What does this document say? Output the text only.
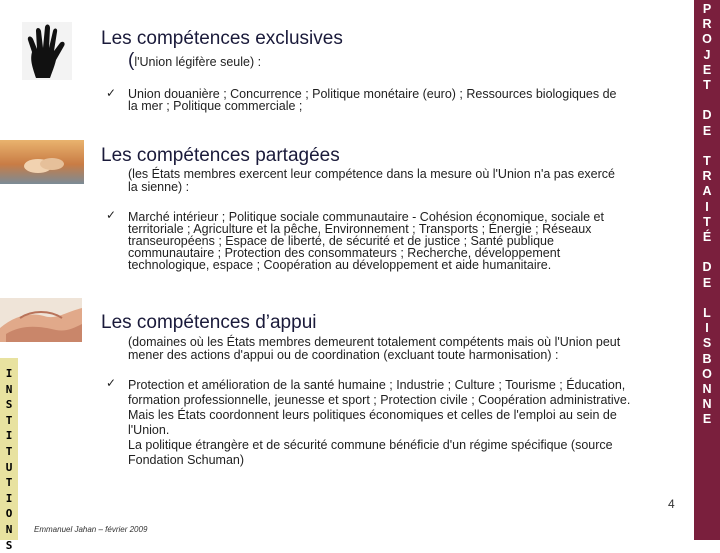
P
R
O
J
E
T

D
E

T
R
A
I
T
É

D
E

L
I
S
B
O
N
N
E
I
N
S
T
I
T
U
T
I
O
N
S
Les compétences exclusives
(l'Union légifère seule) :
✓ Union douanière ; Concurrence ; Politique monétaire (euro) ; Ressources biologiques de
la mer ; Politique commerciale ;
Les compétences partagées
(les États membres exercent leur compétence dans la mesure où l'Union n'a pas exercé
la sienne) :
✓ Marché intérieur ; Politique sociale communautaire - Cohésion économique, sociale et
territoriale ; Agriculture et la pêche, Environnement ; Transports ; Énergie ; Réseaux
transeuropéens ; Espace de liberté, de sécurité et de justice ; Santé publique
communautaire ; Protection des consommateurs ; Recherche, développement
technologique, espace ; Coopération au développement et aide humanitaire.
Les compétences d’appui
(domaines où les États membres demeurent totalement compétents mais où l'Union peut
mener des actions d'appui ou de coordination (excluant toute harmonisation) :
✓ Protection et amélioration de la santé humaine ; Industrie ; Culture ; Tourisme ; Éducation,
formation professionnelle, jeunesse et sport ; Protection civile ; Coopération administrative.
Mais les États coordonnent leurs politiques économiques et celles de l'emploi au sein de
l'Union.
La politique étrangère et de sécurité commune bénéficie d'un régime spécifique (source
Fondation Schuman)
4
Emmanuel Jahan – février 2009
